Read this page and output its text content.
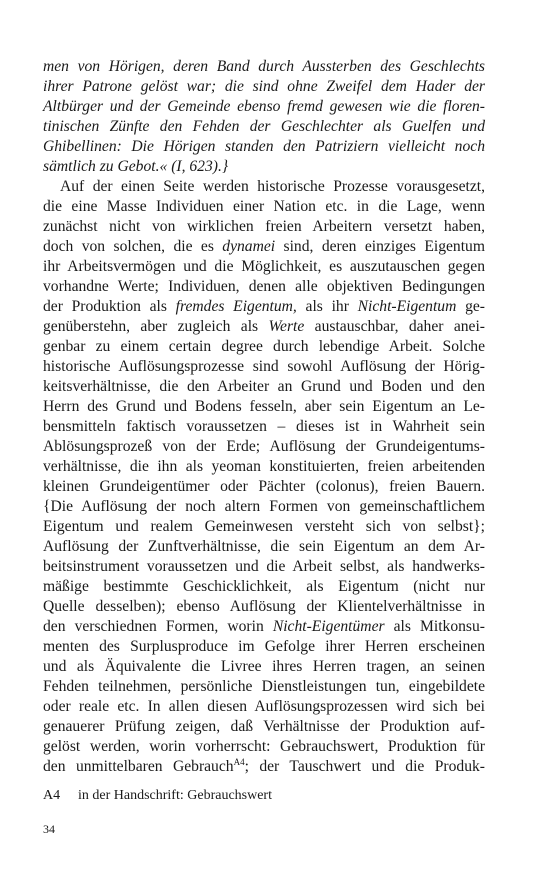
men von Hörigen, deren Band durch Aussterben des Geschlechts
ihrer Patrone gelöst war; die sind ohne Zweifel dem Hader der
Altbürger und der Gemeinde ebenso fremd gewesen wie die floren-
tinischen Zünfte den Fehden der Geschlechter als Guelfen und
Ghibellinen: Die Hörigen standen den Patriziern vielleicht noch
sämtlich zu Gebot.« (I, 623).}
Auf der einen Seite werden historische Prozesse vorausgesetzt,
die eine Masse Individuen einer Nation etc. in die Lage, wenn
zunächst nicht von wirklichen freien Arbeitern versetzt haben,
doch von solchen, die es dynamei sind, deren einziges Eigentum
ihr Arbeitsvermögen und die Möglichkeit, es auszutauschen gegen
vorhandne Werte; Individuen, denen alle objektiven Bedingungen
der Produktion als fremdes Eigentum, als ihr Nicht-Eigentum ge-
genüberstehn, aber zugleich als Werte austauschbar, daher anei-
genbar zu einem certain degree durch lebendige Arbeit. Solche
historische Auflösungsprozesse sind sowohl Auflösung der Hörig-
keitsverhältnisse, die den Arbeiter an Grund und Boden und den
Herrn des Grund und Bodens fesseln, aber sein Eigentum an Le-
bensmitteln faktisch voraussetzen – dieses ist in Wahrheit sein
Ablösungsprozeß von der Erde; Auflösung der Grundeigentums-
verhältnisse, die ihn als yeoman konstituierten, freien arbeitenden
kleinen Grundeigentümer oder Pächter (colonus), freien Bauern.
{Die Auflösung der noch altern Formen von gemeinschaftlichem
Eigentum und realem Gemeinwesen versteht sich von selbst};
Auflösung der Zunftverhältnisse, die sein Eigentum an dem Ar-
beitsinstrument voraussetzen und die Arbeit selbst, als handwerks-
mäßige bestimmte Geschicklichkeit, als Eigentum (nicht nur
Quelle desselben); ebenso Auflösung der Klientelverhältnisse in
den verschiednen Formen, worin Nicht-Eigentümer als Mitkonsu-
menten des Surplusproduce im Gefolge ihrer Herren erscheinen
und als Äquivalente die Livree ihres Herren tragen, an seinen
Fehden teilnehmen, persönliche Dienstleistungen tun, eingebildete
oder reale etc. In allen diesen Auflösungsprozessen wird sich bei
genauerer Prüfung zeigen, daß Verhältnisse der Produktion auf-
gelöst werden, worin vorherrscht: Gebrauchswert, Produktion für
den unmittelbaren Gebrauch$^{A4}$; der Tauschwert und die Produk-
A4 in der Handschrift: Gebrauchswert
34
